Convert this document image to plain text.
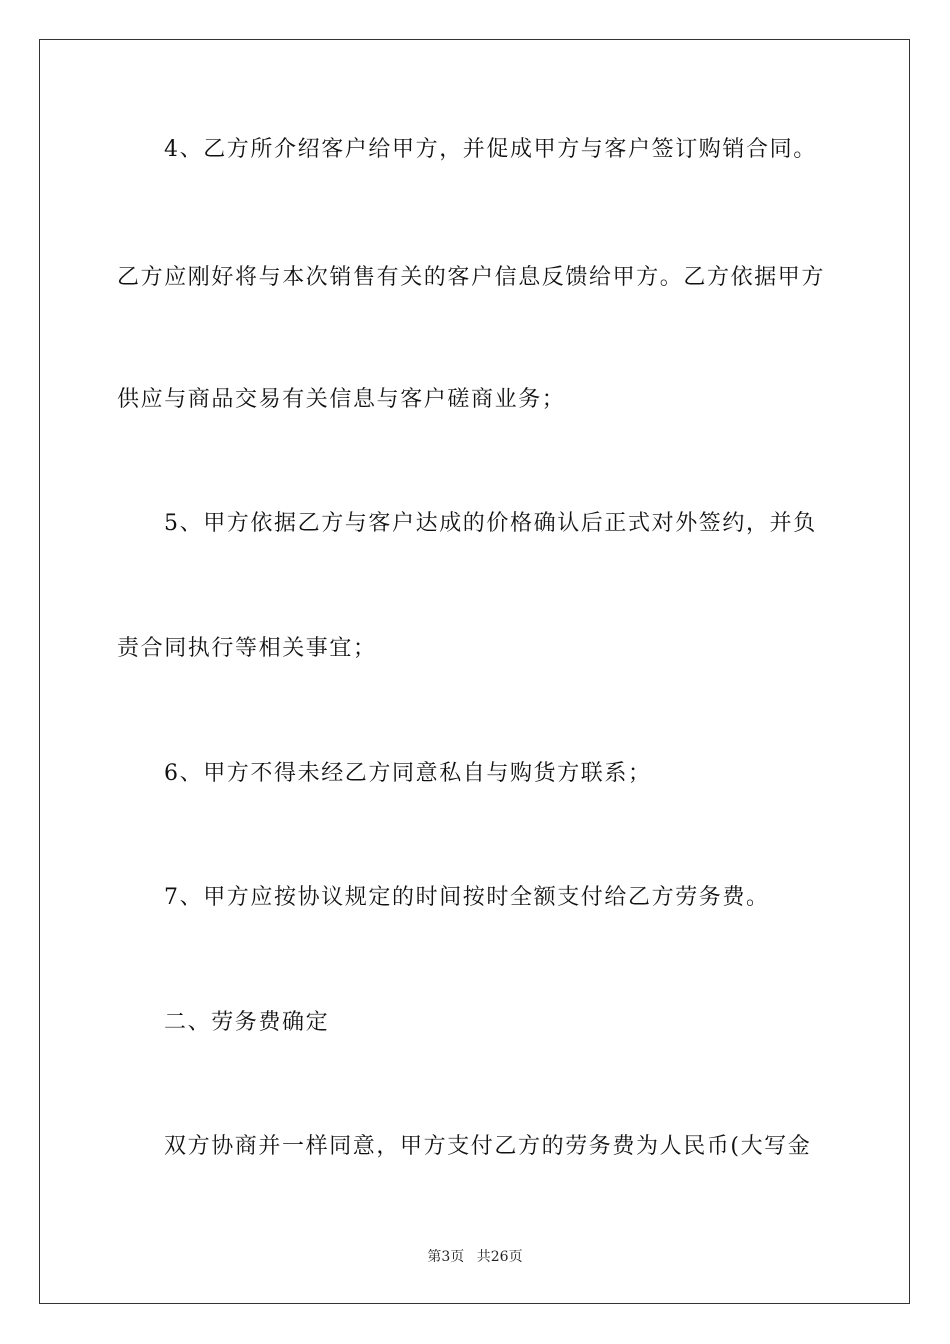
4、乙方所介绍客户给甲方，并促成甲方与客户签订购销合同。
乙方应刚好将与本次销售有关的客户信息反馈给甲方。乙方依据甲方
供应与商品交易有关信息与客户磋商业务；
5、甲方依据乙方与客户达成的价格确认后正式对外签约，并负
责合同执行等相关事宜；
6、甲方不得未经乙方同意私自与购货方联系；
7、甲方应按协议规定的时间按时全额支付给乙方劳务费。
二、劳务费确定
双方协商并一样同意，甲方支付乙方的劳务费为人民币(大写金
第3页 共26页
